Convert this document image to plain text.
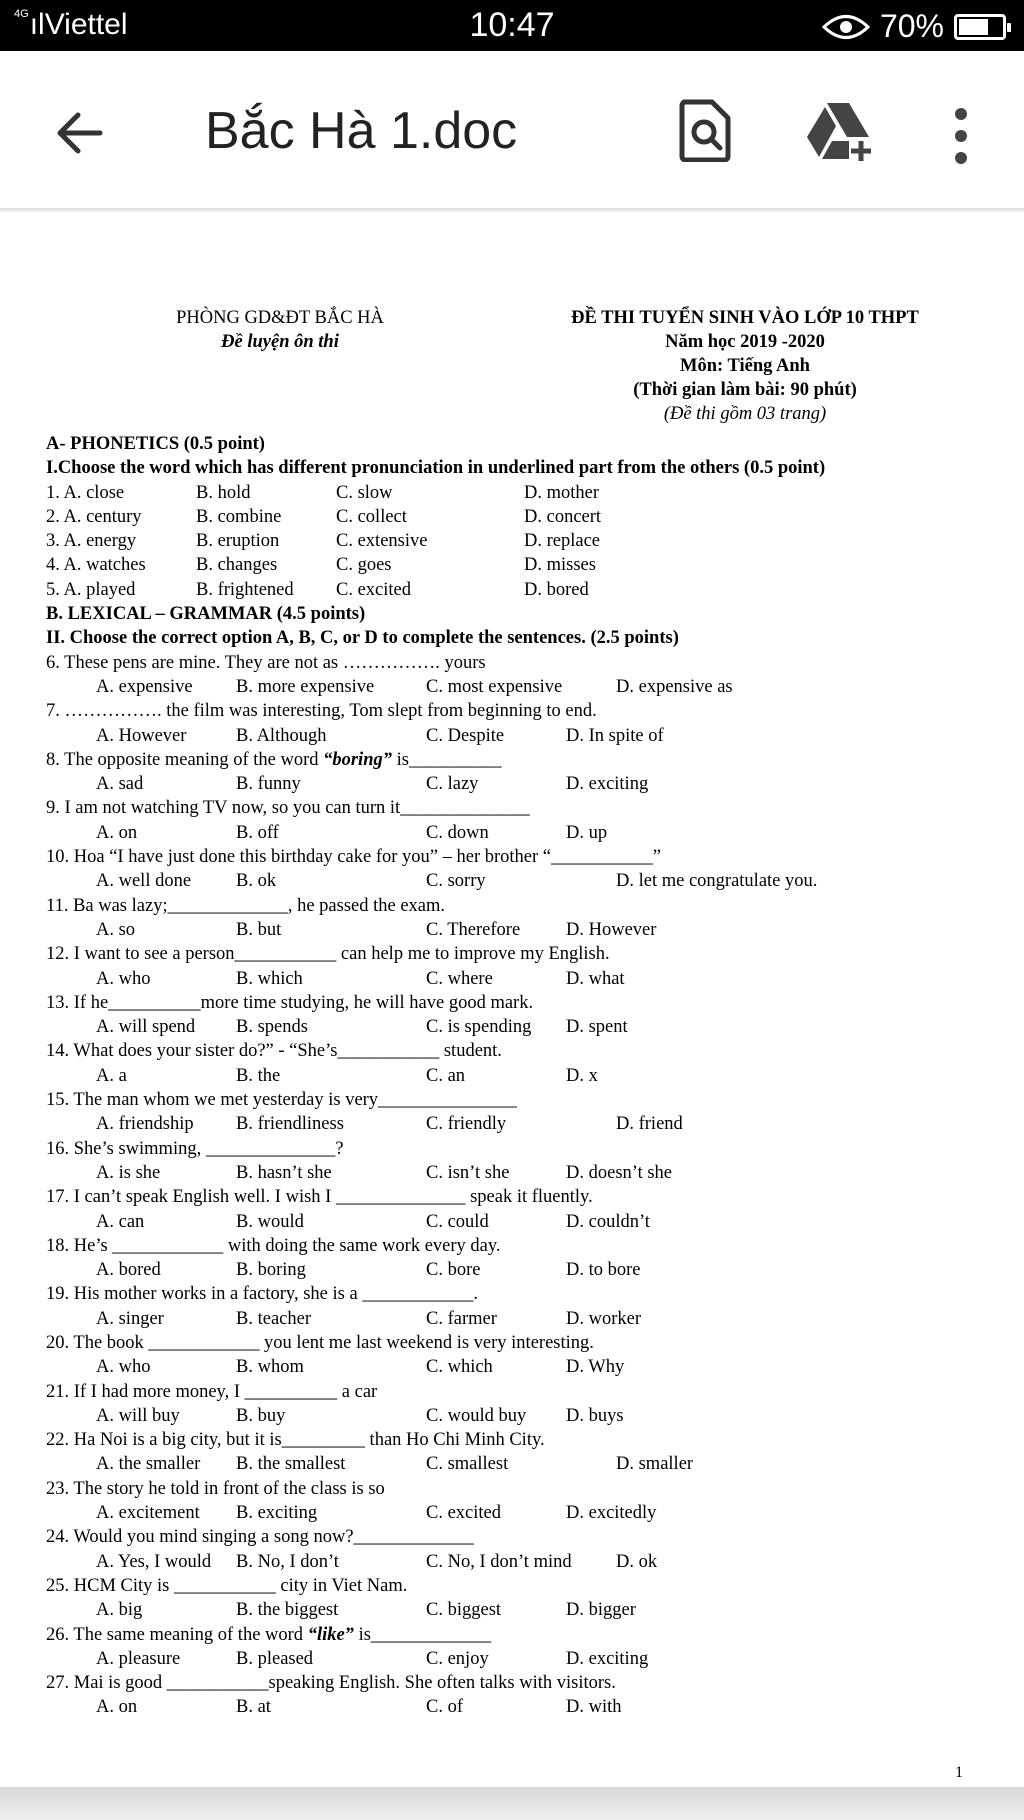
$^{4G}$ılViettel	10:47	70%
Bắc Hà 1.doc
PHÒNG GD&ĐT BẮC HÀ
Đề luyện ôn thi
ĐỀ THI TUYỂN SINH VÀO LỚP 10 THPT
Năm học 2019 -2020
Môn: Tiếng Anh
(Thời gian làm bài: 90 phút)
(Đề thi gồm 03 trang)
A- PHONETICS (0.5 point)
I.Choose the word which has different pronunciation in underlined part from the others (0.5 point)
1. A. close	B. hold	C. slow	D. mother
2. A. century	B. combine	C. collect	D. concert
3. A. energy	B. eruption	C. extensive	D. replace
4. A. watches	B. changes	C. goes	D. misses
5. A. played	B. frightened C. excited	D. bored
B. LEXICAL – GRAMMAR (4.5 points)
II. Choose the correct option A, B, C, or D to complete the sentences. (2.5 points)
6. These pens are mine. They are not as ……………. yours
A. expensive B. more expensive	C. most expensive	D. expensive as
7. ……………. the film was interesting, Tom slept from beginning to end.
A. However	B. Although	C. Despite	D. In spite of
8. The opposite meaning of the word “boring” is__________
A. sad	B. funny	C. lazy	D. exciting
9. I am not watching TV now, so you can turn it______________
A. on	B. off	C. down	D. up
10. Hoa “I have just done this birthday cake for you” – her brother “___________”
A. well done B. ok	C. sorry	D. let me congratulate you.
11. Ba was lazy;_____________, he passed the exam.
A. so	B. but	C. Therefore D. However
12. I want to see a person___________ can help me to improve my English.
A. who	B. which	C. where	D. what
13. If he__________more time studying, he will have good mark.
A. will spend B. spends	C. is spending D. spent
14. What does your sister do?” - “She’s___________ student.
A. a	B. the	C. an	D. x
15. The man whom we met yesterday is very_______________
A. friendship B. friendliness	C. friendly	D. friend
16. She’s swimming, ______________?
A. is she	B. hasn’t she	C. isn’t she	D. doesn’t she
17. I can’t speak English well. I wish I ______________ speak it fluently.
A. can	B. would	C. could	D. couldn’t
18. He’s ____________ with doing the same work every day.
A. bored	B. boring	C. bore	D. to bore
19. His mother works in a factory, she is a ____________.
A. singer	B. teacher	C. farmer	D. worker
20. The book ____________ you lent me last weekend is very interesting.
A. who	B. whom	C. which	D. Why
21. If I had more money, I __________ a car
A. will buy	B. buy	C. would buy D. buys
22. Ha Noi is a big city, but it is_________ than Ho Chi Minh City.
A. the smaller B. the smallest	C. smallest	D. smaller
23. The story he told in front of the class is so
A. excitement B. exciting	C. excited	D. excitedly
24. Would you mind singing a song now?_____________
A. Yes, I would B. No, I don’t	C. No, I don’t mind D. ok
25. HCM City is ___________ city in Viet Nam.
A. big	B. the biggest	C. biggest	D. bigger
26. The same meaning of the word “like” is_____________
A. pleasure	B. pleased	C. enjoy	D. exciting
27. Mai is good ___________speaking English. She often talks with visitors.
A. on	B. at	C. of	D. with
1
